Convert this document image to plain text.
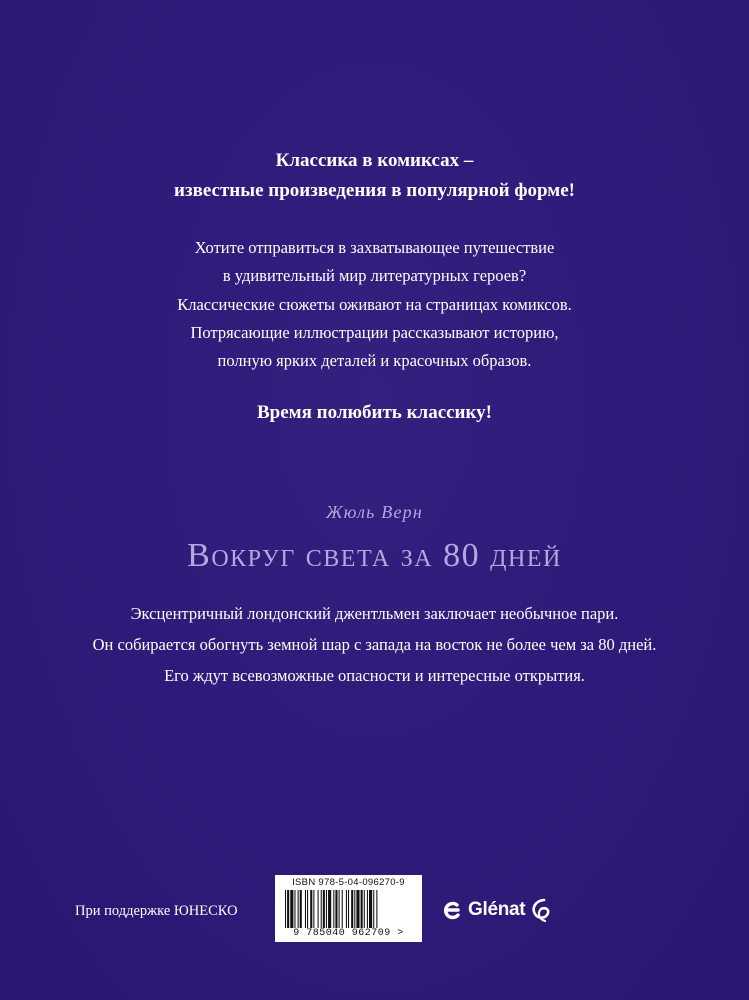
Классика в комиксах –
известные произведения в популярной форме!
Хотите отправиться в захватывающее путешествие
в удивительный мир литературных героев?
Классические сюжеты оживают на страницах комиксов.
Потрясающие иллюстрации рассказывают историю,
полную ярких деталей и красочных образов.
Время полюбить классику!
Жюль Верн
Вокруг света за 80 дней
Эксцентричный лондонский джентльмен заключает необычное пари.
Он собирается обогнуть земной шар с запада на восток не более чем за 80 дней.
Его ждут всевозможные опасности и интересные открытия.
При поддержке ЮНЕСКО
ISBN 978-5-04-096270-9
9 785040 962709 >
Glénat
